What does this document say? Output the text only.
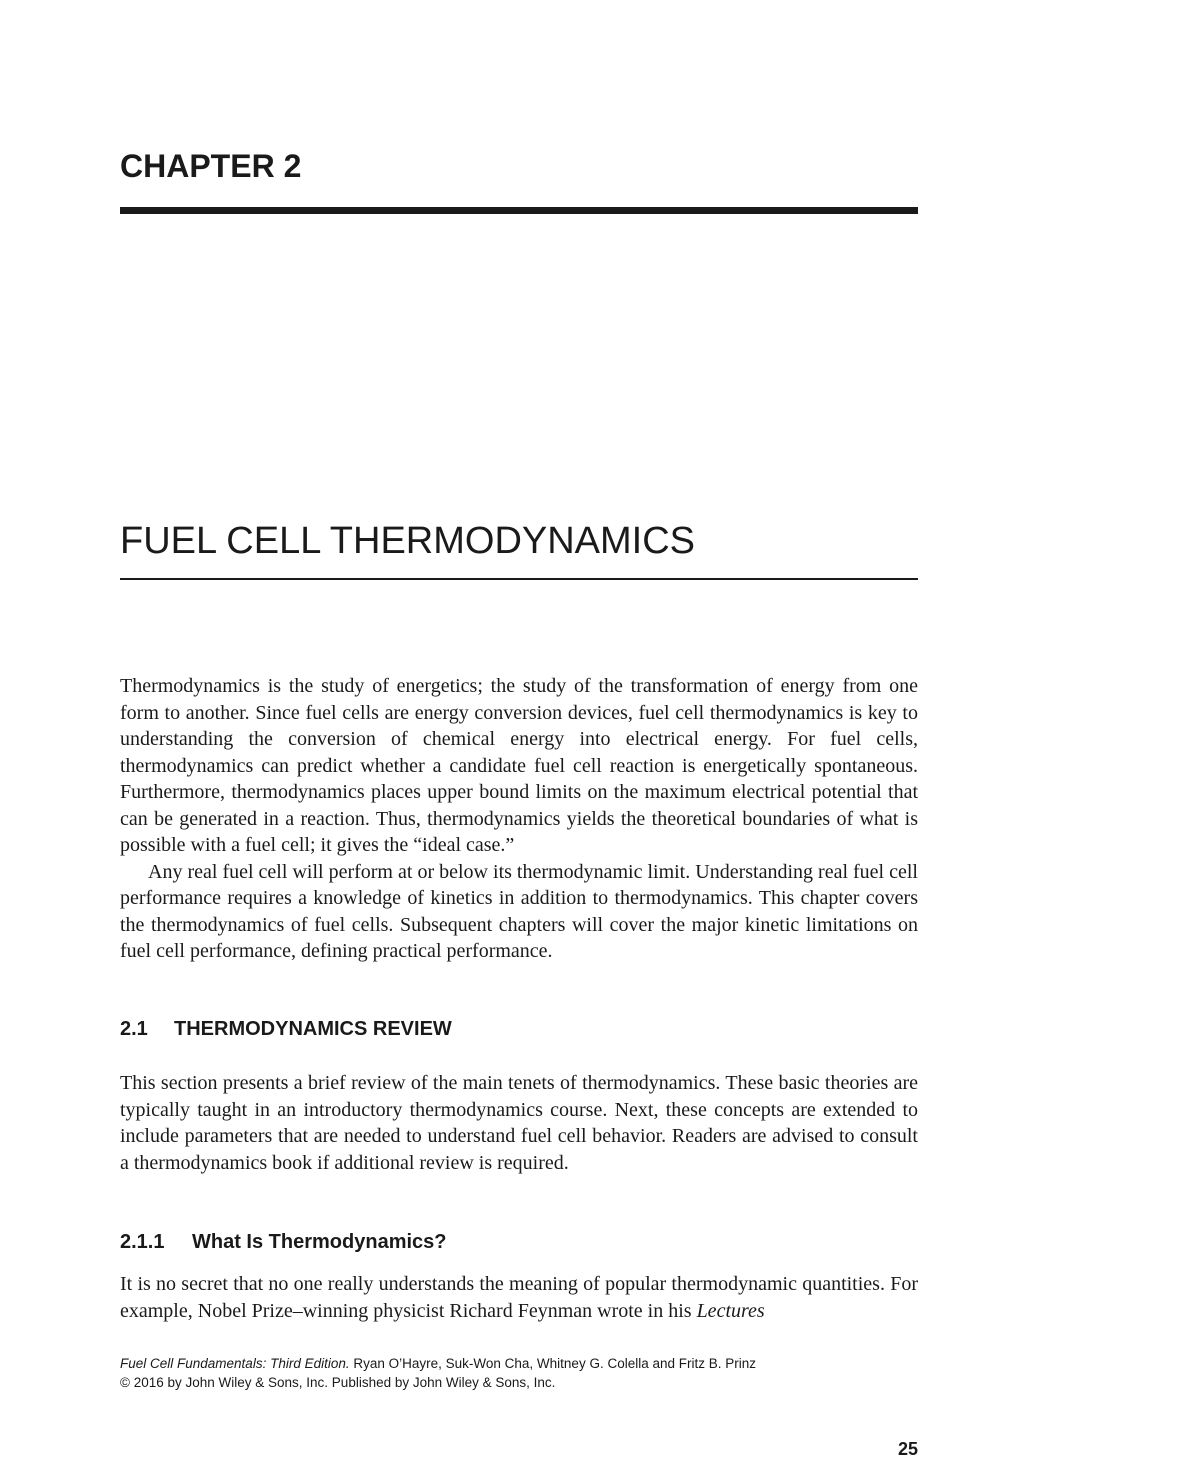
CHAPTER 2
FUEL CELL THERMODYNAMICS

Thermodynamics is the study of energetics; the study of the transformation of energy from one form to another. Since fuel cells are energy conversion devices, fuel cell thermodynamics is key to understanding the conversion of chemical energy into electrical energy. For fuel cells, thermodynamics can predict whether a candidate fuel cell reaction is energetically spontaneous. Furthermore, thermodynamics places upper bound limits on the maximum electrical potential that can be generated in a reaction. Thus, thermodynamics yields the theoretical boundaries of what is possible with a fuel cell; it gives the “ideal case.”

Any real fuel cell will perform at or below its thermodynamic limit. Understanding real fuel cell performance requires a knowledge of kinetics in addition to thermodynamics. This chapter covers the thermodynamics of fuel cells. Subsequent chapters will cover the major kinetic limitations on fuel cell performance, defining practical performance.

2.1 THERMODYNAMICS REVIEW

This section presents a brief review of the main tenets of thermodynamics. These basic theories are typically taught in an introductory thermodynamics course. Next, these concepts are extended to include parameters that are needed to understand fuel cell behavior. Readers are advised to consult a thermodynamics book if additional review is required.

2.1.1 What Is Thermodynamics?

It is no secret that no one really understands the meaning of popular thermodynamic quantities. For example, Nobel Prize–winning physicist Richard Feynman wrote in his Lectures

Fuel Cell Fundamentals: Third Edition. Ryan O’Hayre, Suk-Won Cha, Whitney G. Colella and Fritz B. Prinz
© 2016 by John Wiley & Sons, Inc. Published by John Wiley & Sons, Inc.

25
